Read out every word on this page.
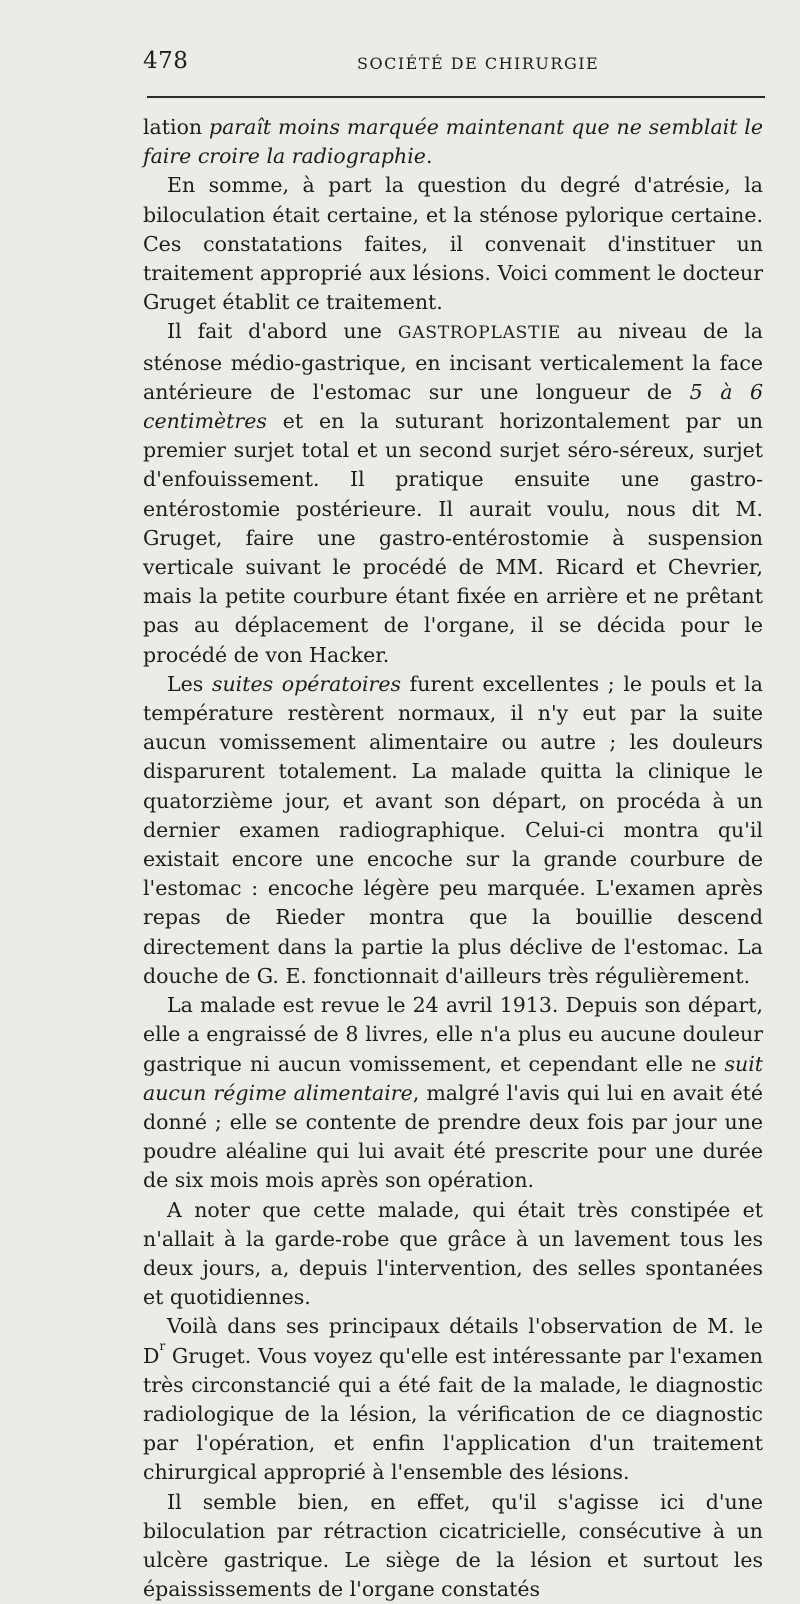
478	SOCIÉTÉ DE CHIRURGIE

lation paraît moins marquée maintenant que ne semblait le faire croire la radiographie.

En somme, à part la question du degré d'atrésie, la biloculation était certaine, et la sténose pylorique certaine. Ces constatations faites, il convenait d'instituer un traitement approprié aux lésions. Voici comment le docteur Gruget établit ce traitement.

Il fait d'abord une GASTROPLASTIE au niveau de la sténose médio-gastrique, en incisant verticalement la face antérieure de l'estomac sur une longueur de 5 à 6 centimètres et en la suturant horizontalement par un premier surjet total et un second surjet séro-séreux, surjet d'enfouissement. Il pratique ensuite une gastro-entérostomie postérieure. Il aurait voulu, nous dit M. Gruget, faire une gastro-entérostomie à suspension verticale suivant le procédé de MM. Ricard et Chevrier, mais la petite courbure étant fixée en arrière et ne prêtant pas au déplacement de l'organe, il se décida pour le procédé de von Hacker.

Les suites opératoires furent excellentes ; le pouls et la température restèrent normaux, il n'y eut par la suite aucun vomissement alimentaire ou autre ; les douleurs disparurent totalement. La malade quitta la clinique le quatorzième jour, et avant son départ, on procéda à un dernier examen radiographique. Celui-ci montra qu'il existait encore une encoche sur la grande courbure de l'estomac : encoche légère peu marquée. L'examen après repas de Rieder montra que la bouillie descend directement dans la partie la plus déclive de l'estomac. La douche de G. E. fonctionnait d'ailleurs très régulièrement.

La malade est revue le 24 avril 1913. Depuis son départ, elle a engraissé de 8 livres, elle n'a plus eu aucune douleur gastrique ni aucun vomissement, et cependant elle ne suit aucun régime alimentaire, malgré l'avis qui lui en avait été donné ; elle se contente de prendre deux fois par jour une poudre aléaline qui lui avait été prescrite pour une durée de six mois mois après son opération.

A noter que cette malade, qui était très constipée et n'allait à la garde-robe que grâce à un lavement tous les deux jours, a, depuis l'intervention, des selles spontanées et quotidiennes.

Voilà dans ses principaux détails l'observation de M. le $D^r$ Gruget. Vous voyez qu'elle est intéressante par l'examen très circonstancié qui a été fait de la malade, le diagnostic radiologique de la lésion, la vérification de ce diagnostic par l'opération, et enfin l'application d'un traitement chirurgical approprié à l'ensemble des lésions.

Il semble bien, en effet, qu'il s'agisse ici d'une biloculation par rétraction cicatricielle, consécutive à un ulcère gastrique. Le siège de la lésion et surtout les épaississements de l'organe constatés
